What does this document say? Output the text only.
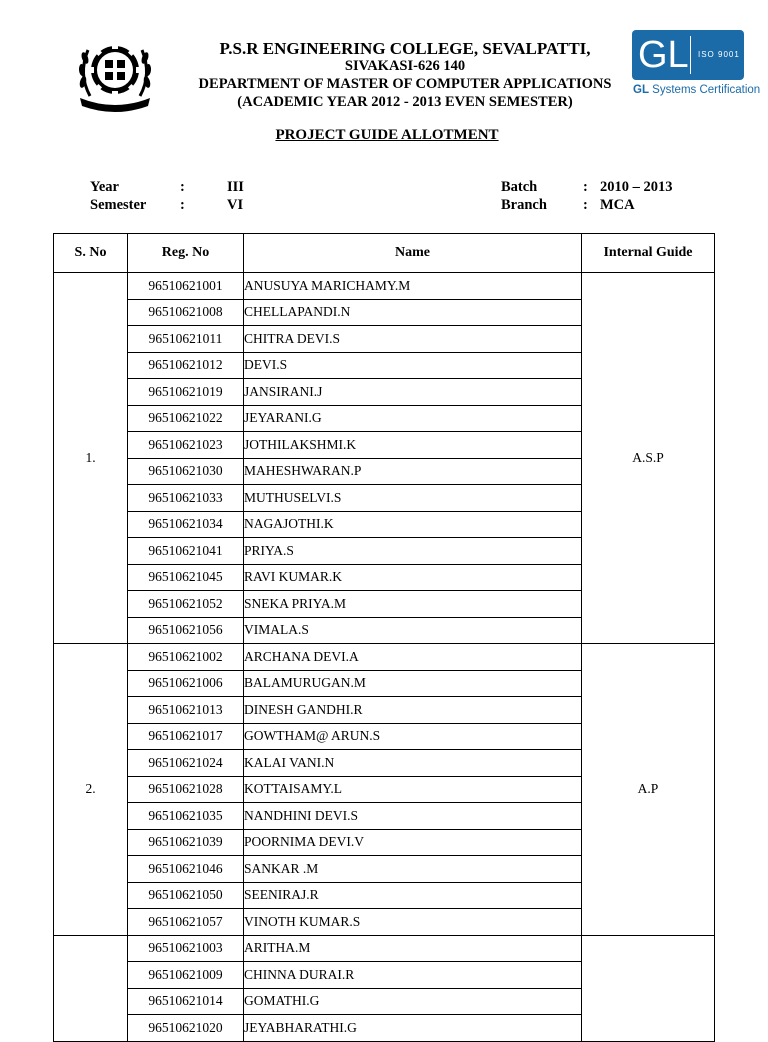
P.S.R ENGINEERING COLLEGE, SEVALPATTI,
SIVAKASI-626 140
DEPARTMENT OF MASTER OF COMPUTER APPLICATIONS
(ACADEMIC YEAR 2012 - 2013 EVEN SEMESTER)
GL ISO 9001
GL Systems Certification
PROJECT GUIDE ALLOTMENT
Year	:	III
Semester :	VI
Batch	: 2010 – 2013
Branch : MCA
S. No	Reg. No	Name	Internal Guide
1.	96510621001	ANUSUYA MARICHAMY.M	A.S.P
	96510621008	CHELLAPANDI.N	
	96510621011	CHITRA DEVI.S	
	96510621012	DEVI.S	
	96510621019	JANSIRANI.J	
	96510621022	JEYARANI.G	
	96510621023	JOTHILAKSHMI.K	
	96510621030	MAHESHWARAN.P	
	96510621033	MUTHUSELVI.S	
	96510621034	NAGAJOTHI.K	
	96510621041	PRIYA.S	
	96510621045	RAVI KUMAR.K	
	96510621052	SNEKA PRIYA.M	
	96510621056	VIMALA.S	
2.	96510621002	ARCHANA DEVI.A	A.P
	96510621006	BALAMURUGAN.M	
	96510621013	DINESH GANDHI.R	
	96510621017	GOWTHAM@ ARUN.S	
	96510621024	KALAI VANI.N	
	96510621028	KOTTAISAMY.L	
	96510621035	NANDHINI DEVI.S	
	96510621039	POORNIMA DEVI.V	
	96510621046	SANKAR .M	
	96510621050	SEENIRAJ.R	
	96510621057	VINOTH KUMAR.S	
	96510621003	ARITHA.M	
	96510621009	CHINNA DURAI.R	
	96510621014	GOMATHI.G	
	96510621020	JEYABHARATHI.G	
